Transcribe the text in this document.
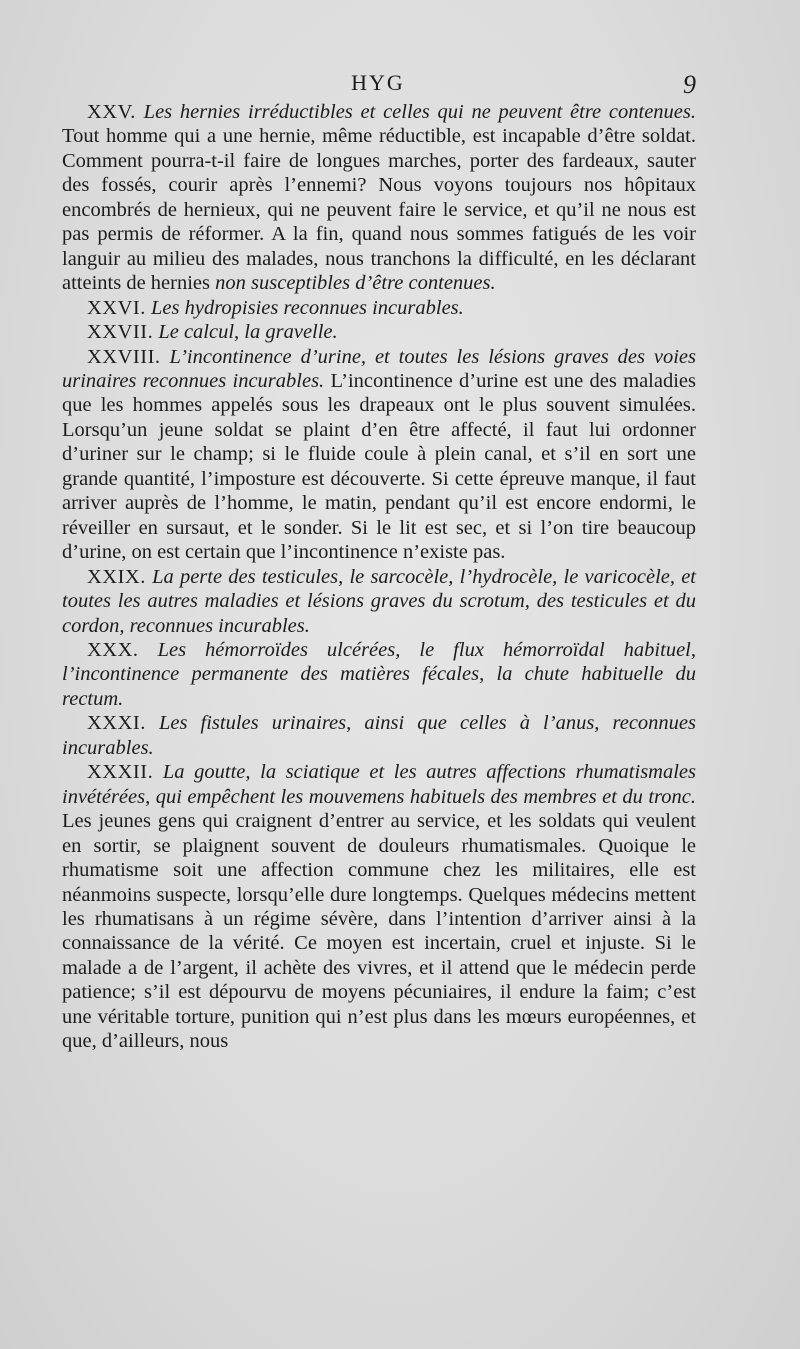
HYG	9

XXV. Les hernies irréductibles et celles qui ne peuvent être contenues. Tout homme qui a une hernie, même réductible, est incapable d’être soldat. Comment pourra-t-il faire de longues marches, porter des fardeaux, sauter des fossés, courir après l’ennemi? Nous voyons toujours nos hôpitaux encombrés de hernieux, qui ne peuvent faire le service, et qu’il ne nous est pas permis de réformer. A la fin, quand nous sommes fatigués de les voir languir au milieu des malades, nous tranchons la difficulté, en les déclarant atteints de hernies non susceptibles d’être contenues.

XXVI. Les hydropisies reconnues incurables.

XXVII. Le calcul, la gravelle.

XXVIII. L’incontinence d’urine, et toutes les lésions graves des voies urinaires reconnues incurables. L’incontinence d’urine est une des maladies que les hommes appelés sous les drapeaux ont le plus souvent simulées. Lorsqu’un jeune soldat se plaint d’en être affecté, il faut lui ordonner d’uriner sur le champ; si le fluide coule à plein canal, et s’il en sort une grande quantité, l’imposture est découverte. Si cette épreuve manque, il faut arriver auprès de l’homme, le matin, pendant qu’il est encore endormi, le réveiller en sursaut, et le sonder. Si le lit est sec, et si l’on tire beaucoup d’urine, on est certain que l’incontinence n’existe pas.

XXIX. La perte des testicules, le sarcocèle, l’hydrocèle, le varicocèle, et toutes les autres maladies et lésions graves du scrotum, des testicules et du cordon, reconnues incurables.

XXX. Les hémorroïdes ulcérées, le flux hémorroïdal habituel, l’incontinence permanente des matières fécales, la chute habituelle du rectum.

XXXI. Les fistules urinaires, ainsi que celles à l’anus, reconnues incurables.

XXXII. La goutte, la sciatique et les autres affections rhumatismales invétérées, qui empêchent les mouvemens habituels des membres et du tronc. Les jeunes gens qui craignent d’entrer au service, et les soldats qui veulent en sortir, se plaignent souvent de douleurs rhumatismales. Quoique le rhumatisme soit une affection commune chez les militaires, elle est néanmoins suspecte, lorsqu’elle dure longtemps. Quelques médecins mettent les rhumatisans à un régime sévère, dans l’intention d’arriver ainsi à la connaissance de la vérité. Ce moyen est incertain, cruel et injuste. Si le malade a de l’argent, il achète des vivres, et il attend que le médecin perde patience; s’il est dépourvu de moyens pécuniaires, il endure la faim; c’est une véritable torture, punition qui n’est plus dans les mœurs européennes, et que, d’ailleurs, nous
